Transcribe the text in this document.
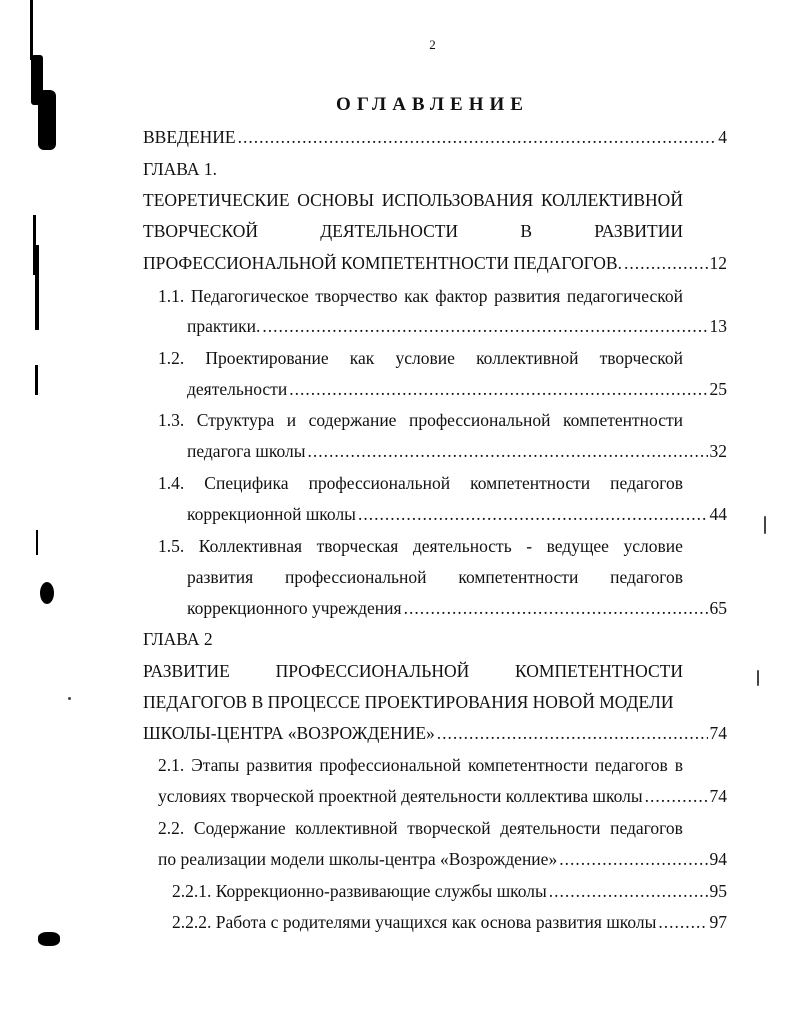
2
ОГЛАВЛЕНИЕ
ВВЕДЕНИЕ .....	4
ГЛАВА 1.
ТЕОРЕТИЧЕСКИЕ ОСНОВЫ ИСПОЛЬЗОВАНИЯ КОЛЛЕКТИВНОЙ
ТВОРЧЕСКОЙ	ДЕЯТЕЛЬНОСТИ	В	РАЗВИТИИ
ПРОФЕССИОНАЛЬНОЙ КОМПЕТЕНТНОСТИ ПЕДАГОГОВ. .....	12
1.1. Педагогическое творчество как фактор развития педагогической
практики. .....	13
1.2. Проектирование как условие коллективной творческой
деятельности .....	25
1.3. Структура и содержание профессиональной компетентности
педагога школы .....	32
1.4. Специфика профессиональной компетентности педагогов
коррекционной школы .....	44
1.5. Коллективная творческая деятельность - ведущее условие
развития профессиональной компетентности педагогов
коррекционного учреждения .....	65
ГЛАВА 2
РАЗВИТИЕ	ПРОФЕССИОНАЛЬНОЙ	КОМПЕТЕНТНОСТИ
ПЕДАГОГОВ В ПРОЦЕССЕ ПРОЕКТИРОВАНИЯ НОВОЙ МОДЕЛИ
ШКОЛЫ-ЦЕНТРА «ВОЗРОЖДЕНИЕ» .....	74
2.1. Этапы развития профессиональной компетентности педагогов в
условиях творческой проектной деятельности коллектива школы .....	74
2.2. Содержание коллективной творческой деятельности педагогов
по реализации модели школы-центра «Возрождение» .....	94
2.2.1. Коррекционно-развивающие службы школы .....	95
2.2.2. Работа с родителями учащихся как основа развития школы .....	97
